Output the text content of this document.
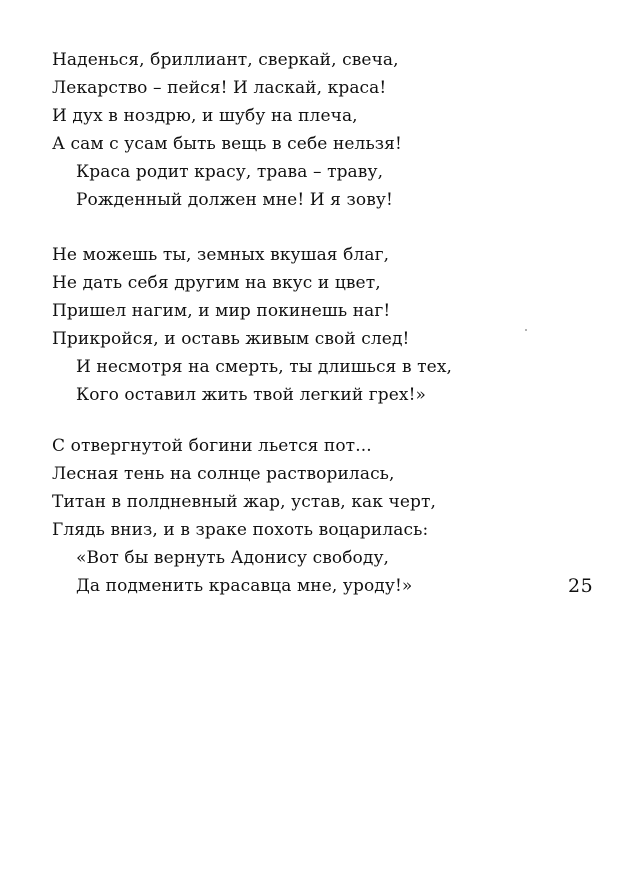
Наденься, бриллиант, сверкай, свеча,
Лекарство – пейся! И ласкай, краса!
И дух в ноздрю, и шубу на плеча,
А сам с усам быть вещь в себе нельзя!
Краса родит красу, трава – траву,
Рожденный должен мне! И я зову!
Не можешь ты, земных вкушая благ,
Не дать себя другим на вкус и цвет,
Пришел нагим, и мир покинешь наг!
Прикройся, и оставь живым свой след!
И несмотря на смерть, ты длишься в тех,
Кого оставил жить твой легкий грех!»
С отвергнутой богини льется пот...
Лесная тень на солнце растворилась,
Титан в полдневный жар, устав, как черт,
Глядь вниз, и в зраке похоть воцарилась:
«Вот бы вернуть Адонису свободу,
Да подменить красавца мне, уроду!»	25
